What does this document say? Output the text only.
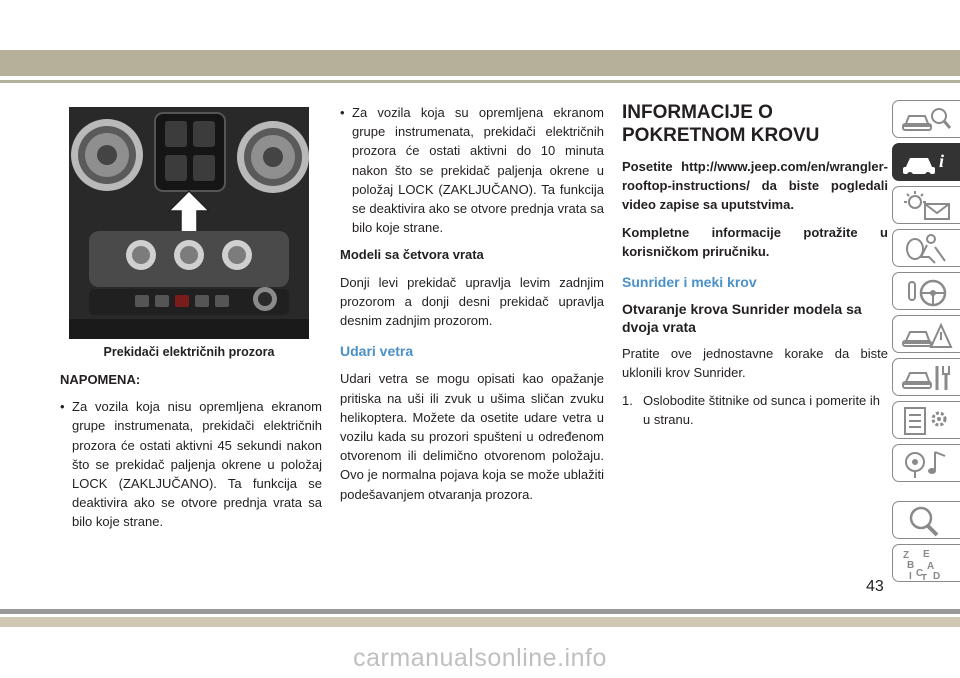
Prekidači električnih prozora
NAPOMENA:
• Za vozila koja nisu opremljena ekranom grupe instrumenata, prekidači električnih prozora će ostati aktivni 45 sekundi nakon što se prekidač paljenja okrene u položaj LOCK (ZAKLJUČANO). Ta funkcija se deaktivira ako se otvore prednja vrata sa bilo koje strane.
• Za vozila koja su opremljena ekranom grupe instrumenata, prekidači električnih prozora će ostati aktivni do 10 minuta nakon što se prekidač paljenja okrene u položaj LOCK (ZAKLJUČANO). Ta funkcija se deaktivira ako se otvore prednja vrata sa bilo koje strane.

Modeli sa četvora vrata

Donji levi prekidač upravlja levim zadnjim prozorom a donji desni prekidač upravlja desnim zadnjim prozorom.

Udari vetra

Udari vetra se mogu opisati kao opažanje pritiska na uši ili zvuk u ušima sličan zvuku helikoptera. Možete da osetite udare vetra u vozilu kada su prozori spušteni u određenom otvorenom ili delimično otvorenom položaju. Ovo je normalna pojava koja se može ublažiti podešavanjem otvaranja prozora.

INFORMACIJE O
POKRETNOM KROVU

Posetite http://www.jeep.com/en/wrangler-rooftop-instructions/ da biste pogledali video zapise sa uputstvima.

Kompletne informacije potražite u korisničkom priručniku.

Sunrider i meki krov
Otvaranje krova Sunrider modela sa dvoja vrata

Pratite ove jednostavne korake da biste uklonili krov Sunrider.

1. Oslobodite štitnike od sunca i pomerite ih u stranu.
i
Z E
B A
I C D
T
43
carmanualsonline.info
